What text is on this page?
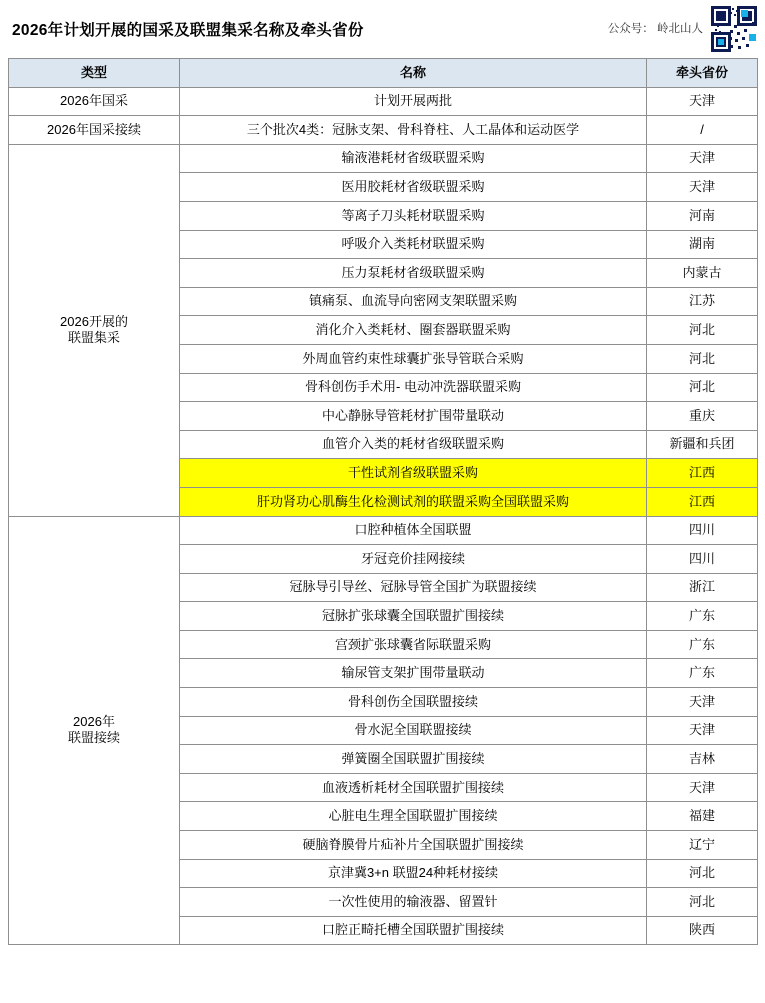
2026年计划开展的国采及联盟集采名称及牵头省份	公众号： 岭北山人
类型	名称	牵头省份
2026年国采	计划开展两批	天津
2026年国采接续	三个批次4类：冠脉支架、骨科脊柱、人工晶体和运动医学	/

2026开展的
联盟集采	输液港耗材省级联盟采购	天津
	医用胶耗材省级联盟采购	天津
	等离子刀头耗材联盟采购	河南
	呼吸介入类耗材联盟采购	湖南
	压力泵耗材省级联盟采购	内蒙古
	镇痛泵、血流导向密网支架联盟采购	江苏
	消化介入类耗材、圈套器联盟采购	河北
	外周血管约束性球囊扩张导管联合采购	河北
	骨科创伤手术用- 电动冲洗器联盟采购	河北
	中心静脉导管耗材扩围带量联动	重庆
	血管介入类的耗材省级联盟采购	新疆和兵团
	干性试剂省级联盟采购	江西
	肝功肾功心肌酶生化检测试剂的联盟采购全国联盟采购	江西

2026年
联盟接续	口腔种植体全国联盟	四川
	牙冠竞价挂网接续	四川
	冠脉导引导丝、冠脉导管全国扩为联盟接续	浙江
	冠脉扩张球囊全国联盟扩围接续	广东
	宫颈扩张球囊省际联盟采购	广东
	输尿管支架扩围带量联动	广东
	骨科创伤全国联盟接续	天津
	骨水泥全国联盟接续	天津
	弹簧圈全国联盟扩围接续	吉林
	血液透析耗材全国联盟扩围接续	天津
	心脏电生理全国联盟扩围接续	福建
	硬脑脊膜骨片疝补片全国联盟扩围接续	辽宁
	京津冀3+n 联盟24种耗材接续	河北
	一次性使用的输液器、留置针	河北
	口腔正畸托槽全国联盟扩围接续	陕西
